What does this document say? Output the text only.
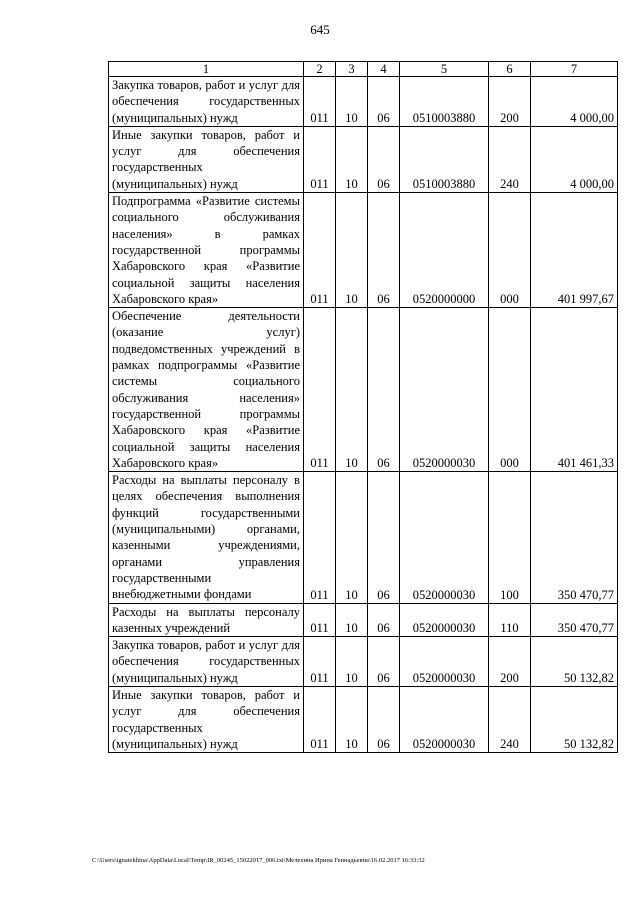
645
1	2	3	4	5	6	7
Закупка товаров, работ и услуг для обеспечения государственных (муниципальных) нужд	011	10	06	0510003880	200	4 000,00
Иные закупки товаров, работ и услуг для обеспечения государственных (муниципальных) нужд	011	10	06	0510003880	240	4 000,00
Подпрограмма «Развитие системы социального обслуживания населения» в рамках государственной программы Хабаровского края «Развитие социальной защиты населения Хабаровского края»	011	10	06	0520000000	000	401 997,67
Обеспечение деятельности (оказание услуг) подведомственных учреждений в рамках подпрограммы «Развитие системы социального обслуживания населения» государственной программы Хабаровского края «Развитие социальной защиты населения Хабаровского края»	011	10	06	0520000030	000	401 461,33
Расходы на выплаты персоналу в целях обеспечения выполнения функций государственными (муниципальными) органами, казенными учреждениями, органами управления государственными внебюджетными фондами	011	10	06	0520000030	100	350 470,77
Расходы на выплаты персоналу казенных учреждений	011	10	06	0520000030	110	350 470,77
Закупка товаров, работ и услуг для обеспечения государственных (муниципальных) нужд	011	10	06	0520000030	200	50 132,82
Иные закупки товаров, работ и услуг для обеспечения государственных (муниципальных) нужд	011	10	06	0520000030	240	50 132,82
C:\Users\ignatekhina\AppData\Local\Temp\IR_00245_15022017_006.txt\Мелехина Ирина Геннадьевна\16.02.2017 16:33:32
